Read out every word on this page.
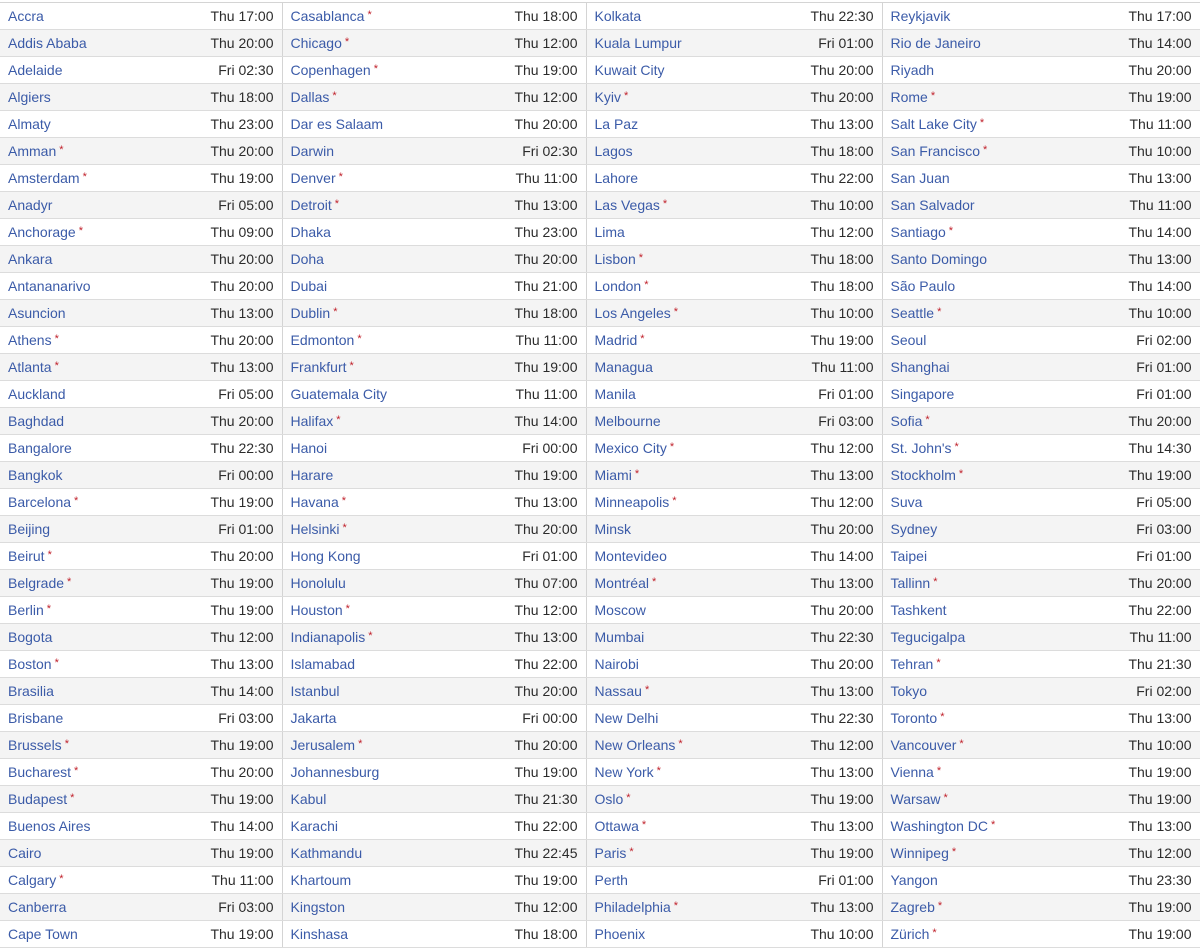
Accra	Thu 17:00	Casablanca *	Thu 18:00	Kolkata	Thu 22:30	Reykjavik	Thu 17:00
Addis Ababa	Thu 20:00	Chicago *	Thu 12:00	Kuala Lumpur	Fri 01:00	Rio de Janeiro	Thu 14:00
Adelaide	Fri 02:30	Copenhagen *	Thu 19:00	Kuwait City	Thu 20:00	Riyadh	Thu 20:00
Algiers	Thu 18:00	Dallas *	Thu 12:00	Kyiv *	Thu 20:00	Rome *	Thu 19:00
Almaty	Thu 23:00	Dar es Salaam	Thu 20:00	La Paz	Thu 13:00	Salt Lake City *	Thu 11:00
Amman *	Thu 20:00	Darwin	Fri 02:30	Lagos	Thu 18:00	San Francisco *	Thu 10:00
Amsterdam *	Thu 19:00	Denver *	Thu 11:00	Lahore	Thu 22:00	San Juan	Thu 13:00
Anadyr	Fri 05:00	Detroit *	Thu 13:00	Las Vegas *	Thu 10:00	San Salvador	Thu 11:00
Anchorage *	Thu 09:00	Dhaka	Thu 23:00	Lima	Thu 12:00	Santiago *	Thu 14:00
Ankara	Thu 20:00	Doha	Thu 20:00	Lisbon *	Thu 18:00	Santo Domingo	Thu 13:00
Antananarivo	Thu 20:00	Dubai	Thu 21:00	London *	Thu 18:00	São Paulo	Thu 14:00
Asuncion	Thu 13:00	Dublin *	Thu 18:00	Los Angeles *	Thu 10:00	Seattle *	Thu 10:00
Athens *	Thu 20:00	Edmonton *	Thu 11:00	Madrid *	Thu 19:00	Seoul	Fri 02:00
Atlanta *	Thu 13:00	Frankfurt *	Thu 19:00	Managua	Thu 11:00	Shanghai	Fri 01:00
Auckland	Fri 05:00	Guatemala City	Thu 11:00	Manila	Fri 01:00	Singapore	Fri 01:00
Baghdad	Thu 20:00	Halifax *	Thu 14:00	Melbourne	Fri 03:00	Sofia *	Thu 20:00
Bangalore	Thu 22:30	Hanoi	Fri 00:00	Mexico City *	Thu 12:00	St. John's *	Thu 14:30
Bangkok	Fri 00:00	Harare	Thu 19:00	Miami *	Thu 13:00	Stockholm *	Thu 19:00
Barcelona *	Thu 19:00	Havana *	Thu 13:00	Minneapolis *	Thu 12:00	Suva	Fri 05:00
Beijing	Fri 01:00	Helsinki *	Thu 20:00	Minsk	Thu 20:00	Sydney	Fri 03:00
Beirut *	Thu 20:00	Hong Kong	Fri 01:00	Montevideo	Thu 14:00	Taipei	Fri 01:00
Belgrade *	Thu 19:00	Honolulu	Thu 07:00	Montréal *	Thu 13:00	Tallinn *	Thu 20:00
Berlin *	Thu 19:00	Houston *	Thu 12:00	Moscow	Thu 20:00	Tashkent	Thu 22:00
Bogota	Thu 12:00	Indianapolis *	Thu 13:00	Mumbai	Thu 22:30	Tegucigalpa	Thu 11:00
Boston *	Thu 13:00	Islamabad	Thu 22:00	Nairobi	Thu 20:00	Tehran *	Thu 21:30
Brasilia	Thu 14:00	Istanbul	Thu 20:00	Nassau *	Thu 13:00	Tokyo	Fri 02:00
Brisbane	Fri 03:00	Jakarta	Fri 00:00	New Delhi	Thu 22:30	Toronto *	Thu 13:00
Brussels *	Thu 19:00	Jerusalem *	Thu 20:00	New Orleans *	Thu 12:00	Vancouver *	Thu 10:00
Bucharest *	Thu 20:00	Johannesburg	Thu 19:00	New York *	Thu 13:00	Vienna *	Thu 19:00
Budapest *	Thu 19:00	Kabul	Thu 21:30	Oslo *	Thu 19:00	Warsaw *	Thu 19:00
Buenos Aires	Thu 14:00	Karachi	Thu 22:00	Ottawa *	Thu 13:00	Washington DC *	Thu 13:00
Cairo	Thu 19:00	Kathmandu	Thu 22:45	Paris *	Thu 19:00	Winnipeg *	Thu 12:00
Calgary *	Thu 11:00	Khartoum	Thu 19:00	Perth	Fri 01:00	Yangon	Thu 23:30
Canberra	Fri 03:00	Kingston	Thu 12:00	Philadelphia *	Thu 13:00	Zagreb *	Thu 19:00
Cape Town	Thu 19:00	Kinshasa	Thu 18:00	Phoenix	Thu 10:00	Zürich *	Thu 19:00
